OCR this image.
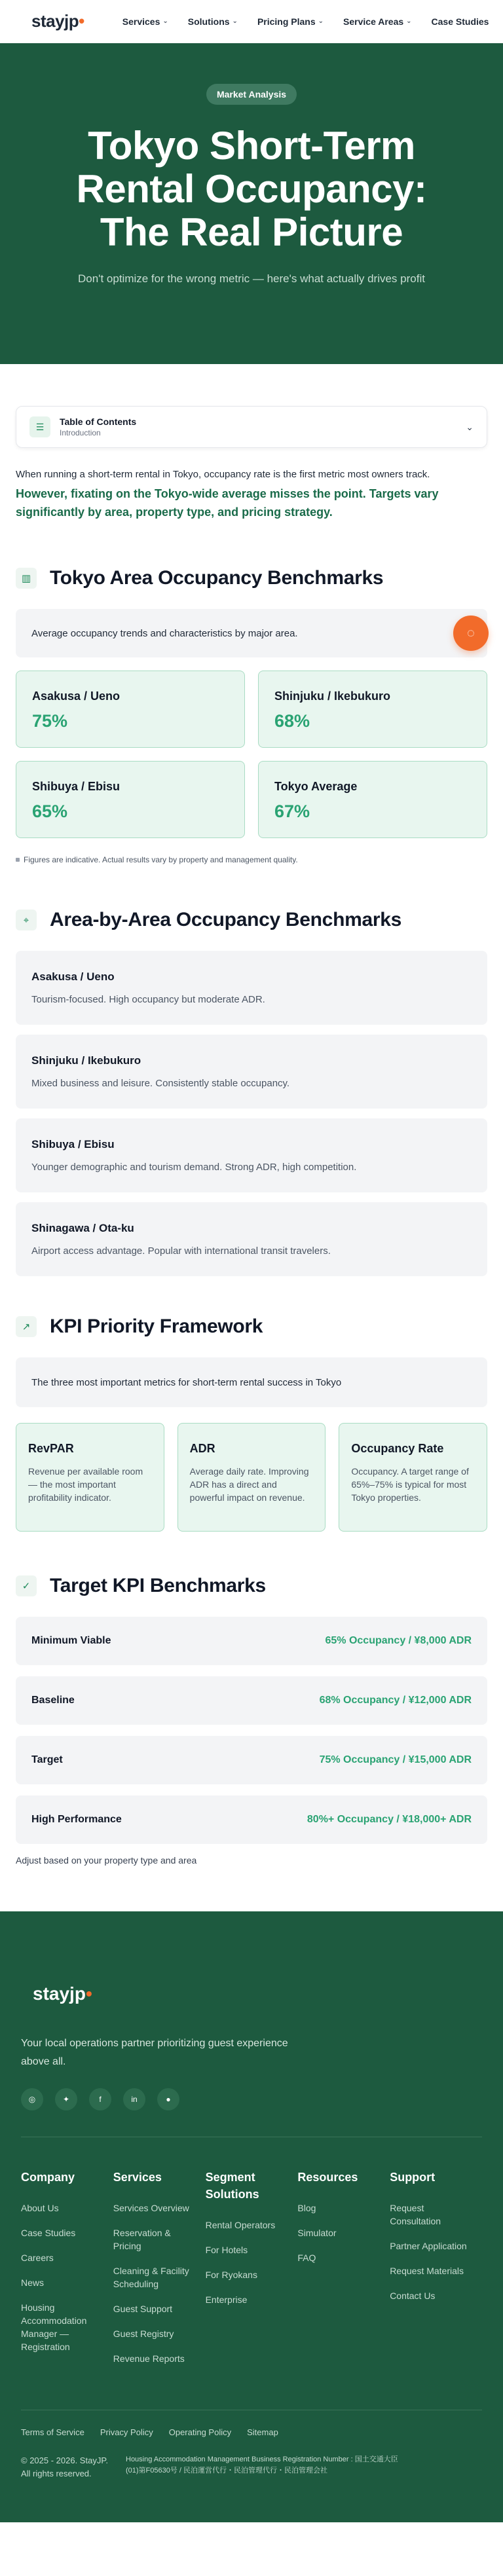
stayjp•	Services ⌄ Solutions ⌄ Pricing Plans ⌄ Service Areas ⌄ Case Studies
Market Analysis
Tokyo Short-Term Rental Occupancy: The Real Picture

Don't optimize for the wrong metric — here's what actually drives profit

☰	Table of Contents
Introduction
⌄

When running a short-term rental in Tokyo, occupancy rate is the first metric most owners track.

However, fixating on the Tokyo-wide average misses the point. Targets vary significantly by area, property type, and pricing strategy.

▥ Tokyo Area Occupancy Benchmarks
Average occupancy trends and characteristics by major area.	◌
Asakusa / Ueno
75%
Shinjuku / Ikebukuro
68%
Shibuya / Ebisu
65%
Tokyo Average
67%
Figures are indicative. Actual results vary by property and management quality.
⌖	Area-by-Area Occupancy Benchmarks
Asakusa / Ueno
Tourism-focused. High occupancy but moderate ADR.
Shinjuku / Ikebukuro
Mixed business and leisure. Consistently stable occupancy.
Shibuya / Ebisu
Younger demographic and tourism demand. Strong ADR, high competition.
Shinagawa / Ota-ku
Airport access advantage. Popular with international transit travelers.
↗ KPI Priority Framework
The three most important metrics for short-term rental success in Tokyo
RevPAR
Revenue per available room — the most important profitability indicator.
ADR
Average daily rate. Improving ADR has a direct and powerful impact on revenue.
Occupancy Rate
Occupancy. A target range of 65%–75% is typical for most Tokyo properties.
✓ Target KPI Benchmarks
Minimum Viable	65% Occupancy / ¥8,000 ADR
Baseline	68% Occupancy / ¥12,000 ADR
Target	75% Occupancy / ¥15,000 ADR
High Performance	80%+ Occupancy / ¥18,000+ ADR

Adjust based on your property type and area

stayjp•

Your local operations partner prioritizing guest experience above all.

◎	✦	f	in	●
Company
About Us
Case Studies
Careers
News
Housing Accommodation Manager — Registration
Services
Services Overview
Reservation & Pricing
Cleaning & Facility Scheduling
Guest Support
Guest Registry
Revenue Reports
Segment Solutions
Rental Operators
For Hotels
For Ryokans
Enterprise
Resources
Blog
Simulator
FAQ
Support
Request Consultation
Partner Application
Request Materials
Contact Us
Terms of Service Privacy Policy Operating Policy Sitemap
© 2025 - 2026. StayJP. All rights reserved.
Housing Accommodation Management Business Registration Number : 国土交通大臣(01)第F05630号 / 民泊運営代行・民泊管理代行・民泊管理会社
